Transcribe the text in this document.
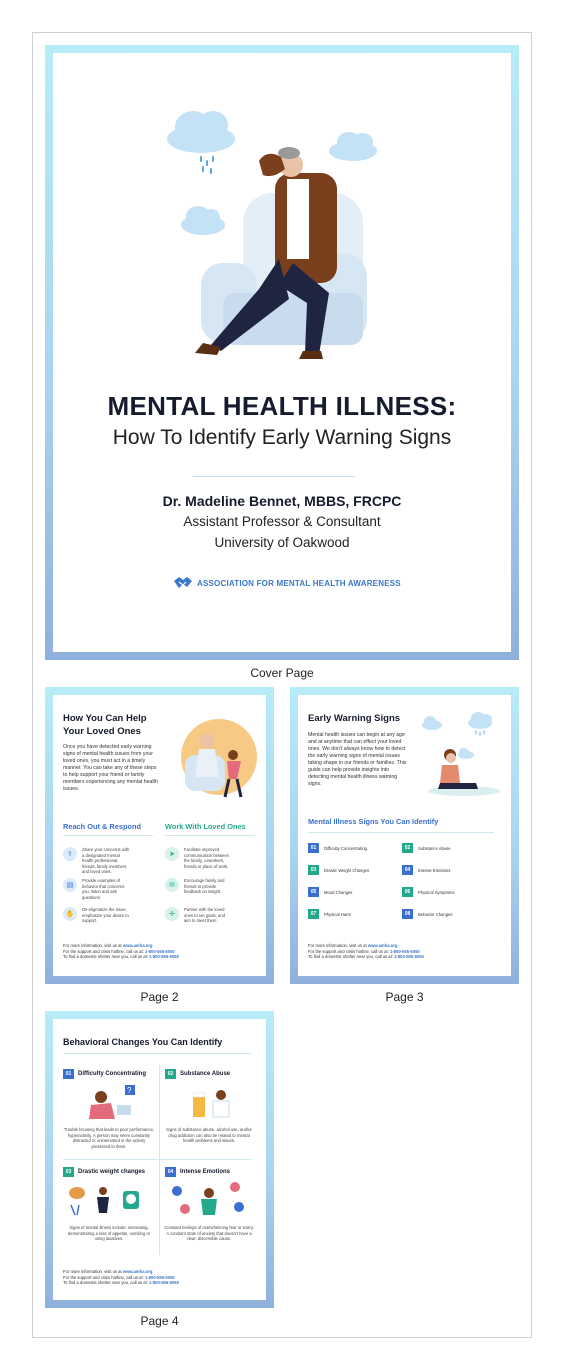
MENTAL HEALTH ILLNESS:
How To Identify Early Warning Signs
Dr. Madeline Bennet, MBBS, FRCPC
Assistant Professor & Consultant
University of Oakwood
ASSOCIATION FOR MENTAL HEALTH AWARENESS
Cover Page
How You Can Help
Your Loved Ones
Once you have detected early warning signs of mental health issues from your loved ones, you must act in a timely manner. You can take any of these steps to help support your friend or family members experiencing any mental health issues.
Reach Out & Respond	Work With Loved Ones
⚕
Share your concerns with a designated mental health professional, friends, family members and loved ones.
▤
Provide examples of behavior that concerns you, listen and ask questions.
✋
De-stigmatize the issue, emphasize your desire to support.
➤
Facilitate improved communication between the family, coworkers, friends or place of work.
✉
Encourage family and friends to provide feedback on insight.
✛
Partner with the loved ones to set goals, and aim to meet them.
For more information, visit us at www.amha.org
For the support and crisis hotline, call us at: 1-800-555-5050
To find a domestic shelter near you, call us at: 1-800-555-5050
Page 2
Early Warning Signs
Mental health issues can begin at any age and at anytime that can effect your loved ones. We don't always know how to detect the early warning signs of mental issues taking shape in our friends or families. This guide can help provide insights into detecting mental health illness warning signs.
Mental Illness Signs You Can Identify
01	Difficulty Concentrating	02	Substance Abuse
03	Drastic Weight Changes	04	Intense Emotions
05	Mood Changes	06	Physical Symptoms
07	Physical Harm	08	Behavior Changes
For more information, visit us at www.amha.org
For the support and crisis hotline, call us at: 1-800-555-5050
To find a domestic shelter near you, call us at: 1-800-555-5050
Page 3
Behavioral Changes You Can Identify
01	Difficulty Concentrating
?
Trouble focusing that leads to poor performance, hyperactivity. A person may seem constantly distracted or uninterested in the activity presented to them.
02	Substance Abuse
Signs of substance abuse, alcohol use, and/or drug addiction can also be related to mental health problems and issues.
03	Drastic weight changes
Signs of mental illness include: overeating, demonstrating a loss of appetite, vomiting or using laxatives.
04	Intense Emotions
Constant feelings of overwhelming fear or worry. A constant state of anxiety that doesn't have a clear, discernible cause.
For more information, visit us at www.amha.org
For the support and crisis hotline, call us at: 1-800-555-5050
To find a domestic shelter near you, call us at: 1-800-555-5050
Page 4
